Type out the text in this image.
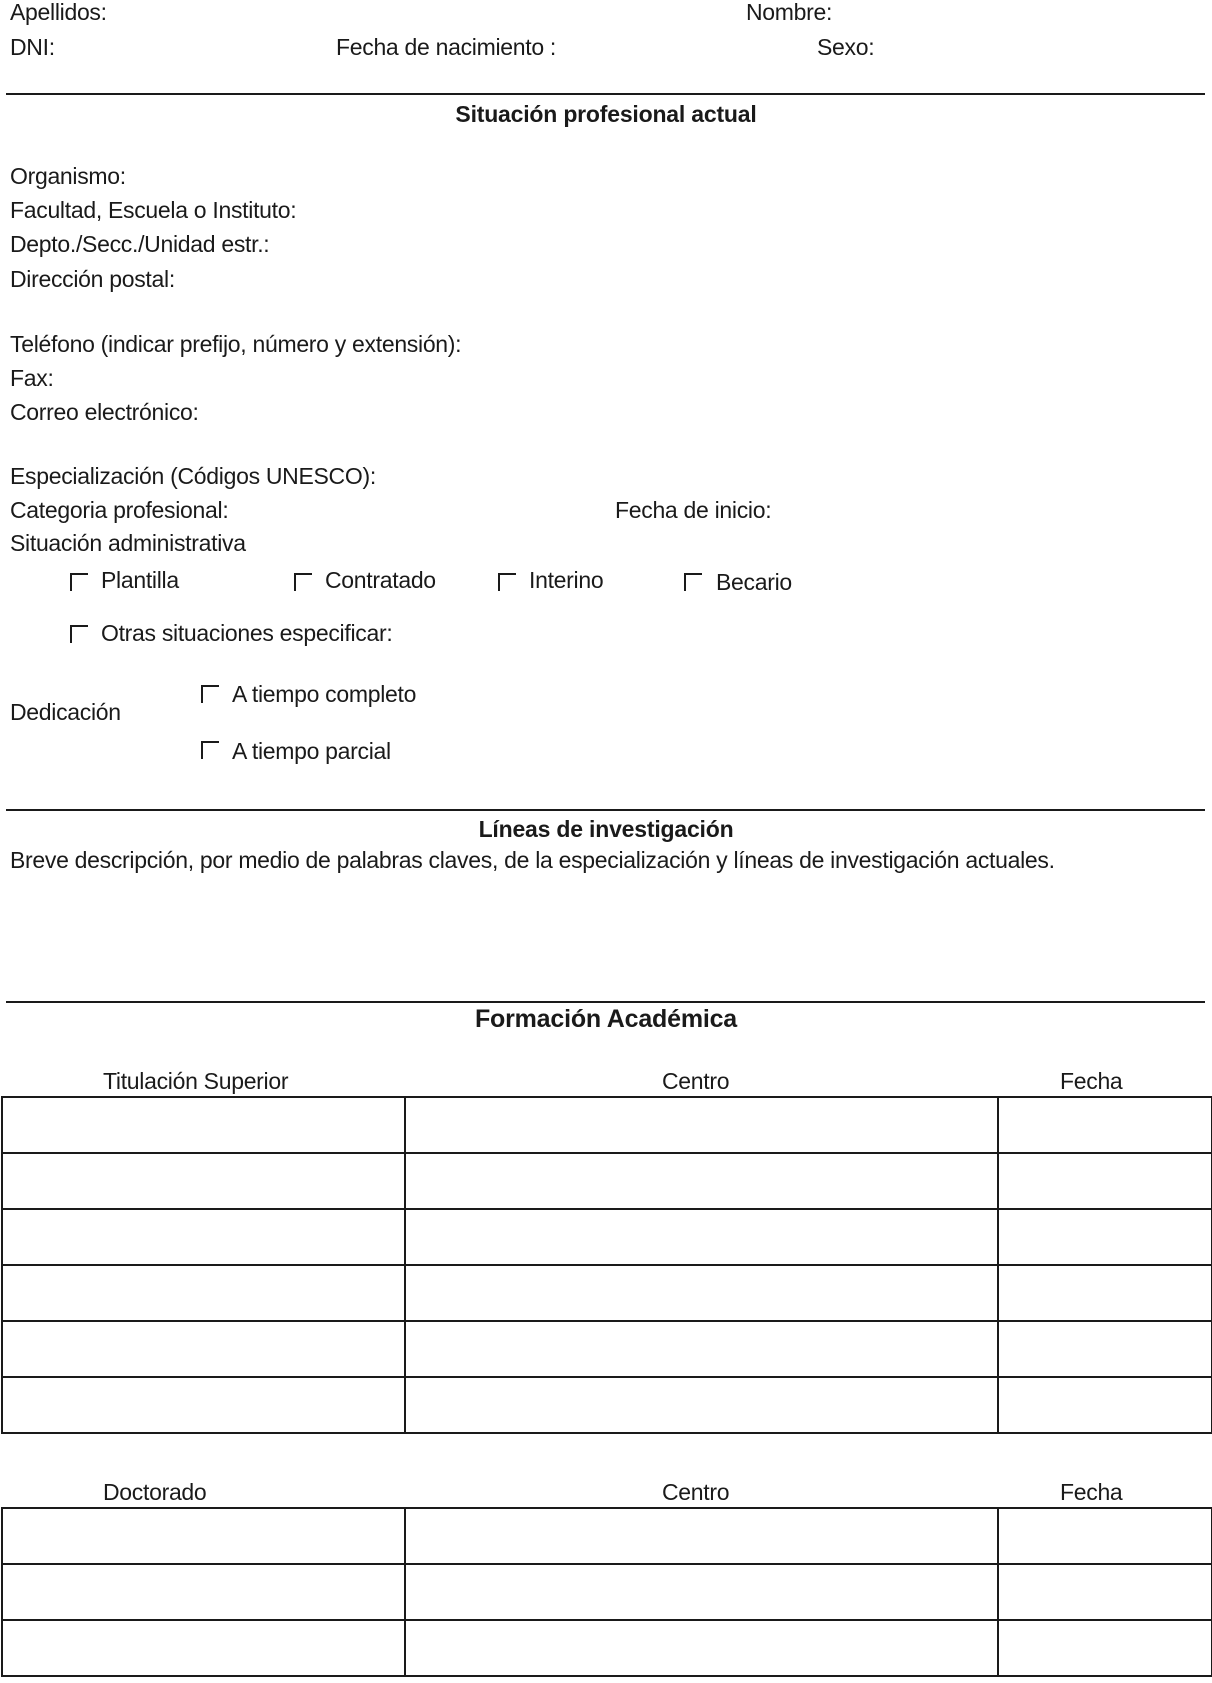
Apellidos:	Nombre:
DNI:	Fecha de nacimiento :	Sexo:
Situación profesional actual
Organismo:
Facultad, Escuela o Instituto:
Depto./Secc./Unidad estr.:
Dirección postal:
Teléfono (indicar prefijo, número y extensión):
Fax:
Correo electrónico:
Especialización (Códigos UNESCO):
Categoria profesional:	Fecha de inicio:
Situación administrativa
Plantilla	Contratado	Interino	Becario
Otras situaciones especificar:
Dedicación
A tiempo completo
A tiempo parcial
Líneas de investigación
Breve descripción, por medio de palabras claves, de la especialización y líneas de investigación actuales.
Formación Académica
Titulación Superior	Centro	Fecha

Doctorado	Centro	Fecha
